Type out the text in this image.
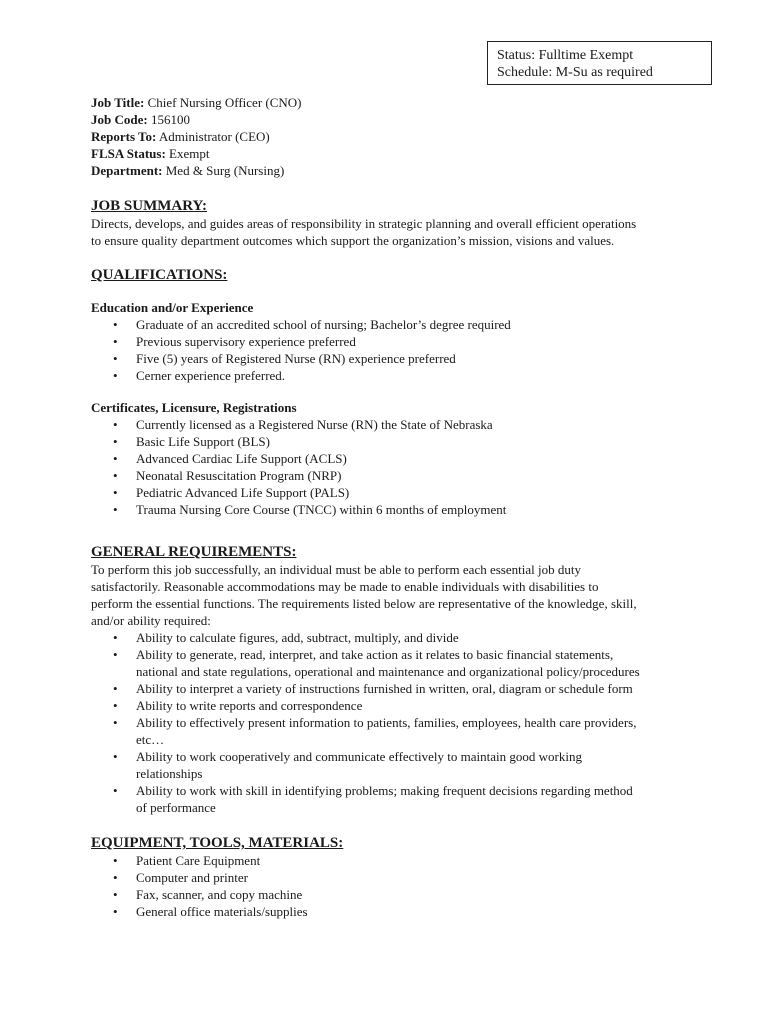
Status: Fulltime Exempt
Schedule: M-Su as required
Job Title: Chief Nursing Officer (CNO)
Job Code: 156100
Reports To: Administrator (CEO)
FLSA Status: Exempt
Department: Med & Surg (Nursing)
JOB SUMMARY:
Directs, develops, and guides areas of responsibility in strategic planning and overall efficient operations
to ensure quality department outcomes which support the organization’s mission, visions and values.
QUALIFICATIONS:
Education and/or Experience
• Graduate of an accredited school of nursing; Bachelor’s degree required
• Previous supervisory experience preferred
• Five (5) years of Registered Nurse (RN) experience preferred
• Cerner experience preferred.
Certificates, Licensure, Registrations
• Currently licensed as a Registered Nurse (RN) the State of Nebraska
• Basic Life Support (BLS)
• Advanced Cardiac Life Support (ACLS)
• Neonatal Resuscitation Program (NRP)
• Pediatric Advanced Life Support (PALS)
• Trauma Nursing Core Course (TNCC) within 6 months of employment
GENERAL REQUIREMENTS:
To perform this job successfully, an individual must be able to perform each essential job duty
satisfactorily. Reasonable accommodations may be made to enable individuals with disabilities to
perform the essential functions. The requirements listed below are representative of the knowledge, skill,
and/or ability required:
• Ability to calculate figures, add, subtract, multiply, and divide
• Ability to generate, read, interpret, and take action as it relates to basic financial statements,
national and state regulations, operational and maintenance and organizational policy/procedures
• Ability to interpret a variety of instructions furnished in written, oral, diagram or schedule form
• Ability to write reports and correspondence
• Ability to effectively present information to patients, families, employees, health care providers,
etc…
• Ability to work cooperatively and communicate effectively to maintain good working
relationships
• Ability to work with skill in identifying problems; making frequent decisions regarding method
of performance
EQUIPMENT, TOOLS, MATERIALS:
• Patient Care Equipment
• Computer and printer
• Fax, scanner, and copy machine
• General office materials/supplies
